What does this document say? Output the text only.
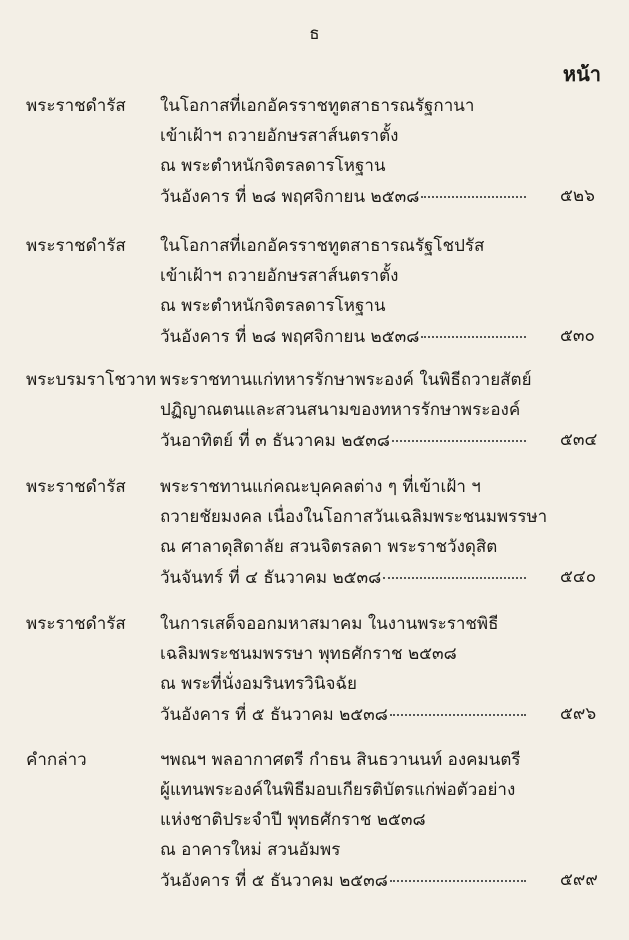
ธ
หน้า
พระราชดำรัส ในโอกาสที่เอกอัครราชทูตสาธารณรัฐกานา
เข้าเฝ้าฯ ถวายอักษรสาส์นตราตั้ง
ณ พระตำหนักจิตรลดารโหฐาน
วันอังคาร ที่ ๒๘ พฤศจิกายน ๒๕๓๘	๕๒๖
พระราชดำรัส ในโอกาสที่เอกอัครราชทูตสาธารณรัฐโชปรัส
เข้าเฝ้าฯ ถวายอักษรสาส์นตราตั้ง
ณ พระตำหนักจิตรลดารโหฐาน
วันอังคาร ที่ ๒๘ พฤศจิกายน ๒๕๓๘	๕๓๐
พระบรมราโชวาท พระราชทานแก่ทหารรักษาพระองค์ ในพิธีถวายสัตย์
ปฏิญาณตนและสวนสนามของทหารรักษาพระองค์
วันอาทิตย์ ที่ ๓ ธันวาคม ๒๕๓๘	๕๓๔
พระราชดำรัส พระราชทานแก่คณะบุคคลต่าง ๆ ที่เข้าเฝ้า ฯ
ถวายชัยมงคล เนื่องในโอกาสวันเฉลิมพระชนมพรรษา
ณ ศาลาดุสิดาลัย สวนจิตรลดา พระราชวังดุสิต
วันจันทร์ ที่ ๔ ธันวาคม ๒๕๓๘	๕๔๐
พระราชดำรัส ในการเสด็จออกมหาสมาคม ในงานพระราชพิธี
เฉลิมพระชนมพรรษา พุทธศักราช ๒๕๓๘
ณ พระที่นั่งอมรินทรวินิจฉัย
วันอังคาร ที่ ๕ ธันวาคม ๒๕๓๘	๕๙๖
คำกล่าว	ฯพณฯ พลอากาศตรี กำธน สินธวานนท์ องคมนตรี
ผู้แทนพระองค์ในพิธีมอบเกียรติบัตรแก่พ่อตัวอย่าง
แห่งชาติประจำปี พุทธศักราช ๒๕๓๘
ณ อาคารใหม่ สวนอัมพร
วันอังคาร ที่ ๕ ธันวาคม ๒๕๓๘	๕๙๙
